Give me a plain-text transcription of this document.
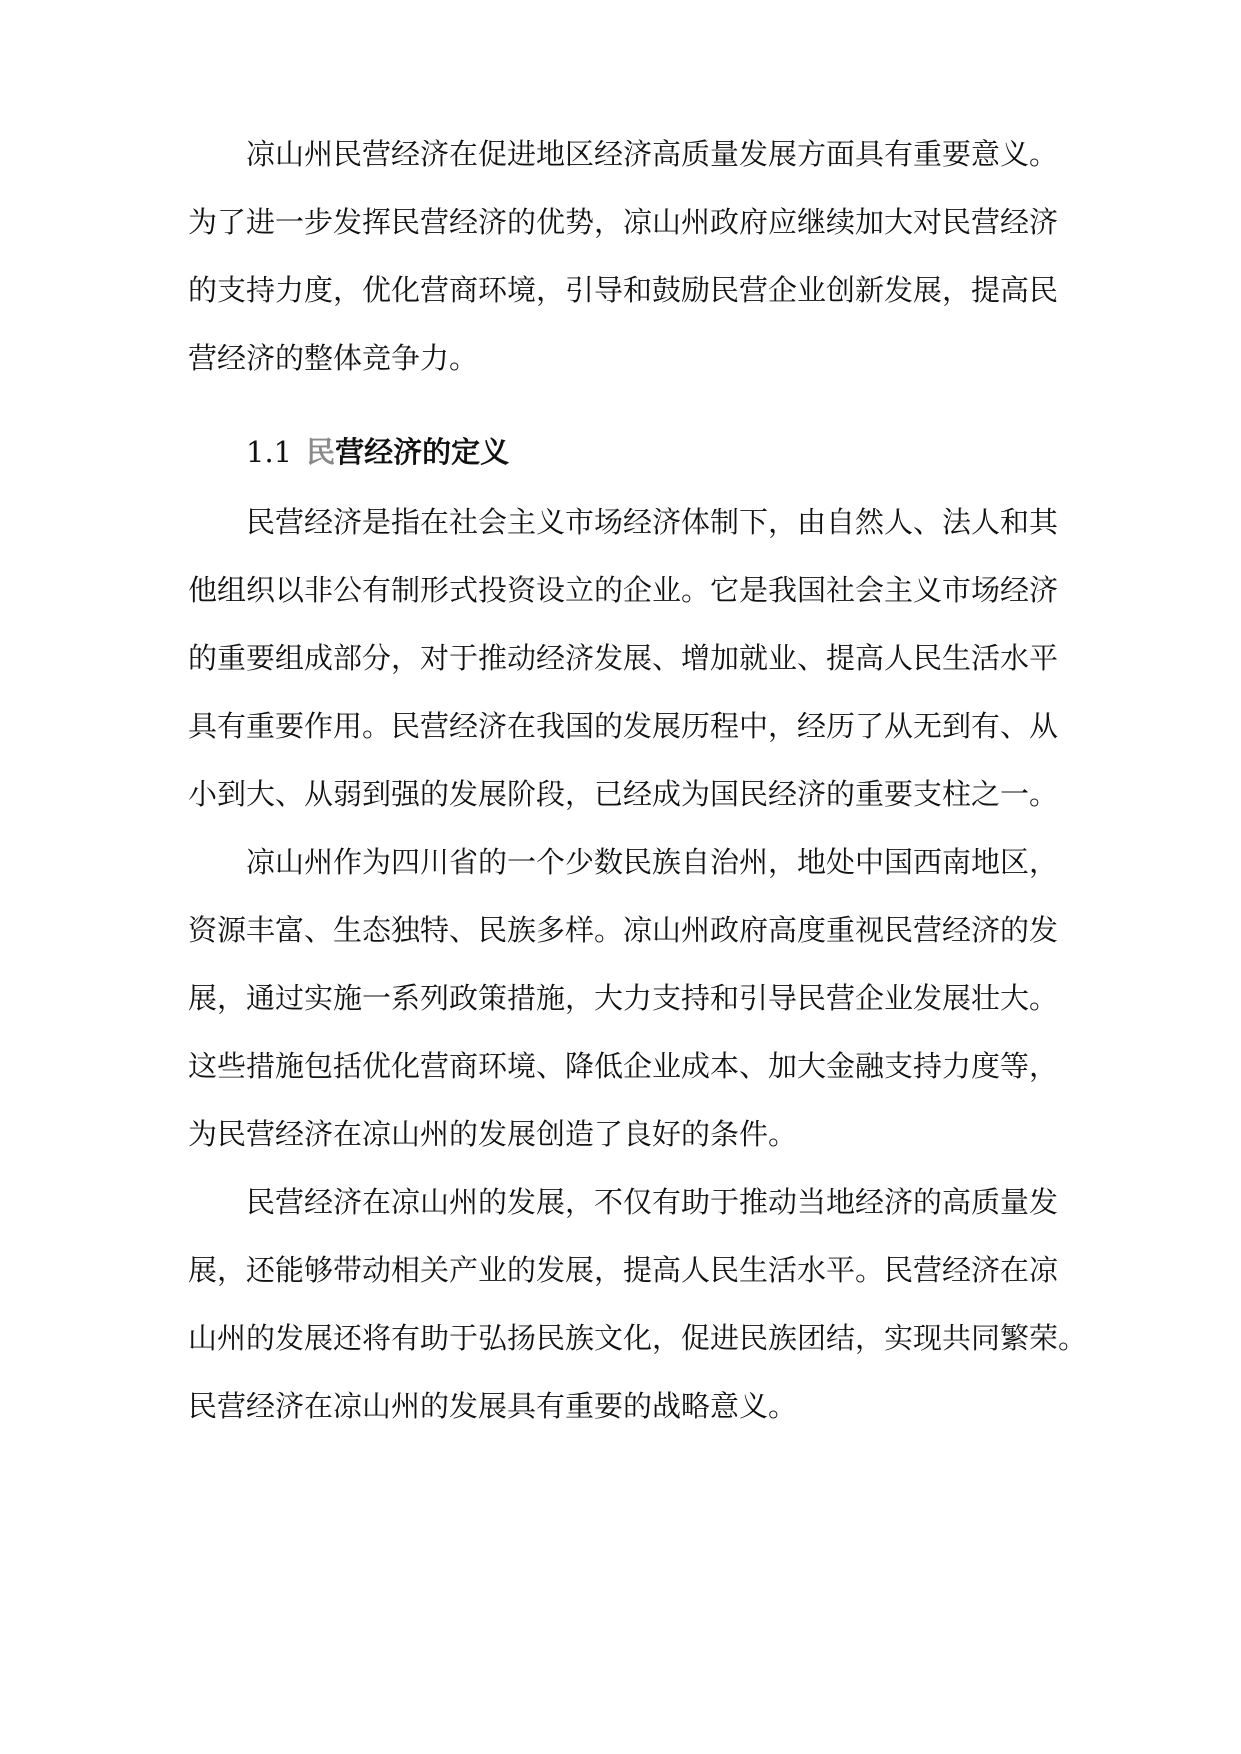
凉山州民营经济在促进地区经济高质量发展方面具有重要意义。
为了进一步发挥民营经济的优势，凉山州政府应继续加大对民营经济
的支持力度，优化营商环境，引导和鼓励民营企业创新发展，提高民
营经济的整体竞争力。
1.1 民营经济的定义
民营经济是指在社会主义市场经济体制下，由自然人、法人和其
他组织以非公有制形式投资设立的企业。它是我国社会主义市场经济
的重要组成部分，对于推动经济发展、增加就业、提高人民生活水平
具有重要作用。民营经济在我国的发展历程中，经历了从无到有、从
小到大、从弱到强的发展阶段，已经成为国民经济的重要支柱之一。
凉山州作为四川省的一个少数民族自治州，地处中国西南地区，
资源丰富、生态独特、民族多样。凉山州政府高度重视民营经济的发
展，通过实施一系列政策措施，大力支持和引导民营企业发展壮大。
这些措施包括优化营商环境、降低企业成本、加大金融支持力度等，
为民营经济在凉山州的发展创造了良好的条件。
民营经济在凉山州的发展，不仅有助于推动当地经济的高质量发
展，还能够带动相关产业的发展，提高人民生活水平。民营经济在凉
山州的发展还将有助于弘扬民族文化，促进民族团结，实现共同繁荣。
民营经济在凉山州的发展具有重要的战略意义。
